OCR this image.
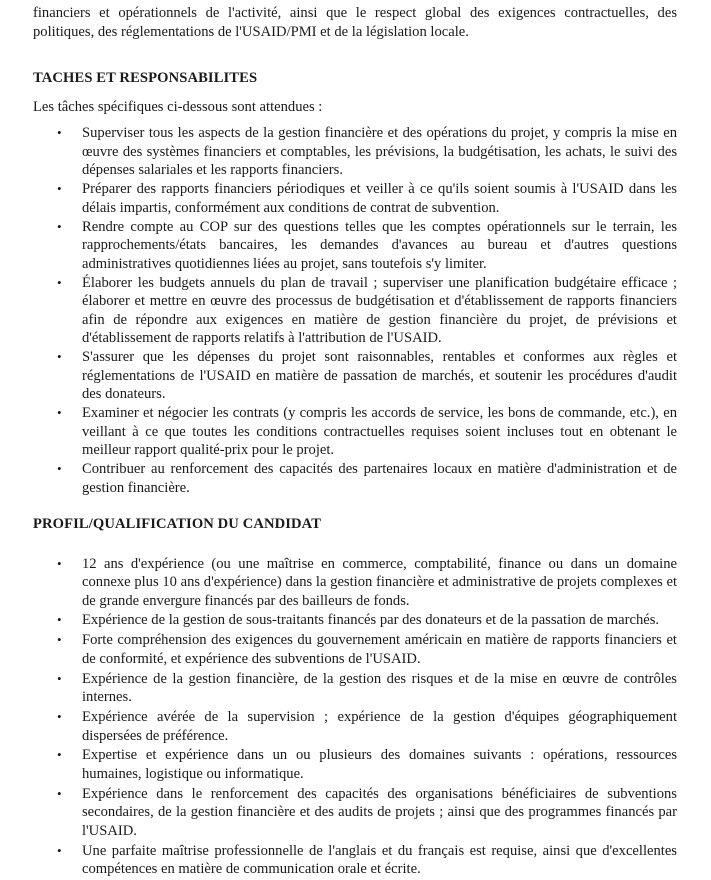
financiers et opérationnels de l'activité, ainsi que le respect global des exigences contractuelles, des politiques, des réglementations de l'USAID/PMI et de la législation locale.

TACHES ET RESPONSABILITES

Les tâches spécifiques ci-dessous sont attendues :

• Superviser tous les aspects de la gestion financière et des opérations du projet, y compris la mise en œuvre des systèmes financiers et comptables, les prévisions, la budgétisation, les achats, le suivi des dépenses salariales et les rapports financiers.
• Préparer des rapports financiers périodiques et veiller à ce qu'ils soient soumis à l'USAID dans les délais impartis, conformément aux conditions de contrat de subvention.
• Rendre compte au COP sur des questions telles que les comptes opérationnels sur le terrain, les rapprochements/états bancaires, les demandes d'avances au bureau et d'autres questions administratives quotidiennes liées au projet, sans toutefois s'y limiter.
• Élaborer les budgets annuels du plan de travail ; superviser une planification budgétaire efficace ; élaborer et mettre en œuvre des processus de budgétisation et d'établissement de rapports financiers afin de répondre aux exigences en matière de gestion financière du projet, de prévisions et d'établissement de rapports relatifs à l'attribution de l'USAID.
• S'assurer que les dépenses du projet sont raisonnables, rentables et conformes aux règles et réglementations de l'USAID en matière de passation de marchés, et soutenir les procédures d'audit des donateurs.
• Examiner et négocier les contrats (y compris les accords de service, les bons de commande, etc.), en veillant à ce que toutes les conditions contractuelles requises soient incluses tout en obtenant le meilleur rapport qualité-prix pour le projet.
• Contribuer au renforcement des capacités des partenaires locaux en matière d'administration et de gestion financière.
PROFIL/QUALIFICATION DU CANDIDAT
• 12 ans d'expérience (ou une maîtrise en commerce, comptabilité, finance ou dans un domaine connexe plus 10 ans d'expérience) dans la gestion financière et administrative de projets complexes et de grande envergure financés par des bailleurs de fonds.
• Expérience de la gestion de sous-traitants financés par des donateurs et de la passation de marchés.
• Forte compréhension des exigences du gouvernement américain en matière de rapports financiers et de conformité, et expérience des subventions de l'USAID.
• Expérience de la gestion financière, de la gestion des risques et de la mise en œuvre de contrôles internes.
• Expérience avérée de la supervision ; expérience de la gestion d'équipes géographiquement dispersées de préférence.
• Expertise et expérience dans un ou plusieurs des domaines suivants : opérations, ressources humaines, logistique ou informatique.
• Expérience dans le renforcement des capacités des organisations bénéficiaires de subventions secondaires, de la gestion financière et des audits de projets ; ainsi que des programmes financés par l'USAID.
• Une parfaite maîtrise professionnelle de l'anglais et du français est requise, ainsi que d'excellentes compétences en matière de communication orale et écrite.
